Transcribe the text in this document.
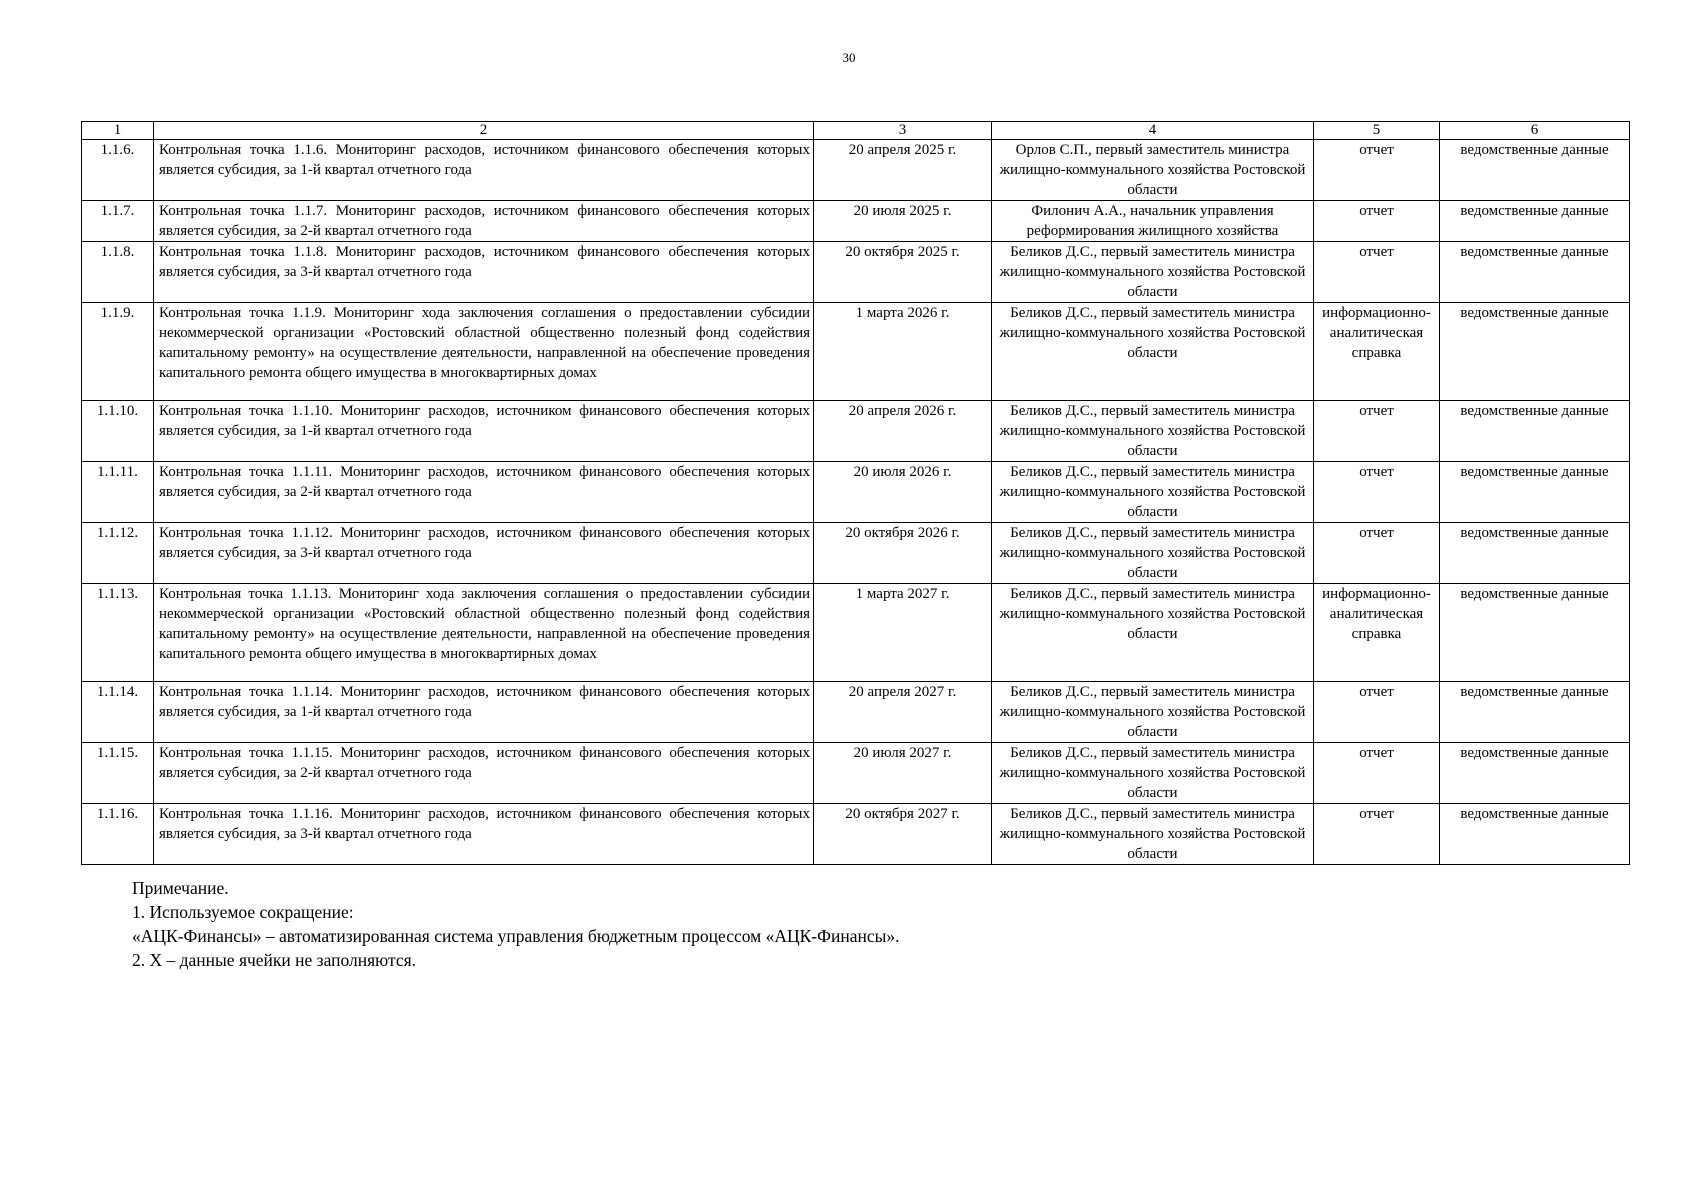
30
1	2	3	4	5	6
1.1.6.	Контрольная точка 1.1.6. Мониторинг расходов, источником финансового обеспечения которых является субсидия, за 1-й квартал отчетного года	20 апреля 2025 г.	Орлов С.П., первый заместитель министра жилищно-коммунального хозяйства Ростовской области	отчет	ведомственные данные
1.1.7.	Контрольная точка 1.1.7. Мониторинг расходов, источником финансового обеспечения которых является субсидия, за 2-й квартал отчетного года	20 июля 2025 г.	Филонич А.А., начальник управления реформирования жилищного хозяйства	отчет	ведомственные данные
1.1.8.	Контрольная точка 1.1.8. Мониторинг расходов, источником финансового обеспечения которых является субсидия, за 3-й квартал отчетного года	20 октября 2025 г.	Беликов Д.С., первый заместитель министра жилищно-коммунального хозяйства Ростовской области	отчет	ведомственные данные
1.1.9.	Контрольная точка 1.1.9. Мониторинг хода заключения соглашения о предоставлении субсидии некоммерческой организации «Ростовский областной общественно полезный фонд содействия капитальному ремонту» на осуществление деятельности, направленной на обеспечение проведения капитального ремонта общего имущества в многоквартирных домах	1 марта 2026 г.	Беликов Д.С., первый заместитель министра жилищно-коммунального хозяйства Ростовской области	информационно-аналитическая справка	ведомственные данные
1.1.10.	Контрольная точка 1.1.10. Мониторинг расходов, источником финансового обеспечения которых является субсидия, за 1-й квартал отчетного года	20 апреля 2026 г.	Беликов Д.С., первый заместитель министра жилищно-коммунального хозяйства Ростовской области	отчет	ведомственные данные
1.1.11.	Контрольная точка 1.1.11. Мониторинг расходов, источником финансового обеспечения которых является субсидия, за 2-й квартал отчетного года	20 июля 2026 г.	Беликов Д.С., первый заместитель министра жилищно-коммунального хозяйства Ростовской области	отчет	ведомственные данные
1.1.12.	Контрольная точка 1.1.12. Мониторинг расходов, источником финансового обеспечения которых является субсидия, за 3-й квартал отчетного года	20 октября 2026 г.	Беликов Д.С., первый заместитель министра жилищно-коммунального хозяйства Ростовской области	отчет	ведомственные данные
1.1.13.	Контрольная точка 1.1.13. Мониторинг хода заключения соглашения о предоставлении субсидии некоммерческой организации «Ростовский областной общественно полезный фонд содействия капитальному ремонту» на осуществление деятельности, направленной на обеспечение проведения капитального ремонта общего имущества в многоквартирных домах	1 марта 2027 г.	Беликов Д.С., первый заместитель министра жилищно-коммунального хозяйства Ростовской области	информационно-аналитическая справка	ведомственные данные
1.1.14.	Контрольная точка 1.1.14. Мониторинг расходов, источником финансового обеспечения которых является субсидия, за 1-й квартал отчетного года	20 апреля 2027 г.	Беликов Д.С., первый заместитель министра жилищно-коммунального хозяйства Ростовской области	отчет	ведомственные данные
1.1.15.	Контрольная точка 1.1.15. Мониторинг расходов, источником финансового обеспечения которых является субсидия, за 2-й квартал отчетного года	20 июля 2027 г.	Беликов Д.С., первый заместитель министра жилищно-коммунального хозяйства Ростовской области	отчет	ведомственные данные
1.1.16.	Контрольная точка 1.1.16. Мониторинг расходов, источником финансового обеспечения которых является субсидия, за 3-й квартал отчетного года	20 октября 2027 г.	Беликов Д.С., первый заместитель министра жилищно-коммунального хозяйства Ростовской области	отчет	ведомственные данные
Примечание.
1. Используемое сокращение:
«АЦК-Финансы» – автоматизированная система управления бюджетным процессом «АЦК-Финансы».
2. X – данные ячейки не заполняются.
